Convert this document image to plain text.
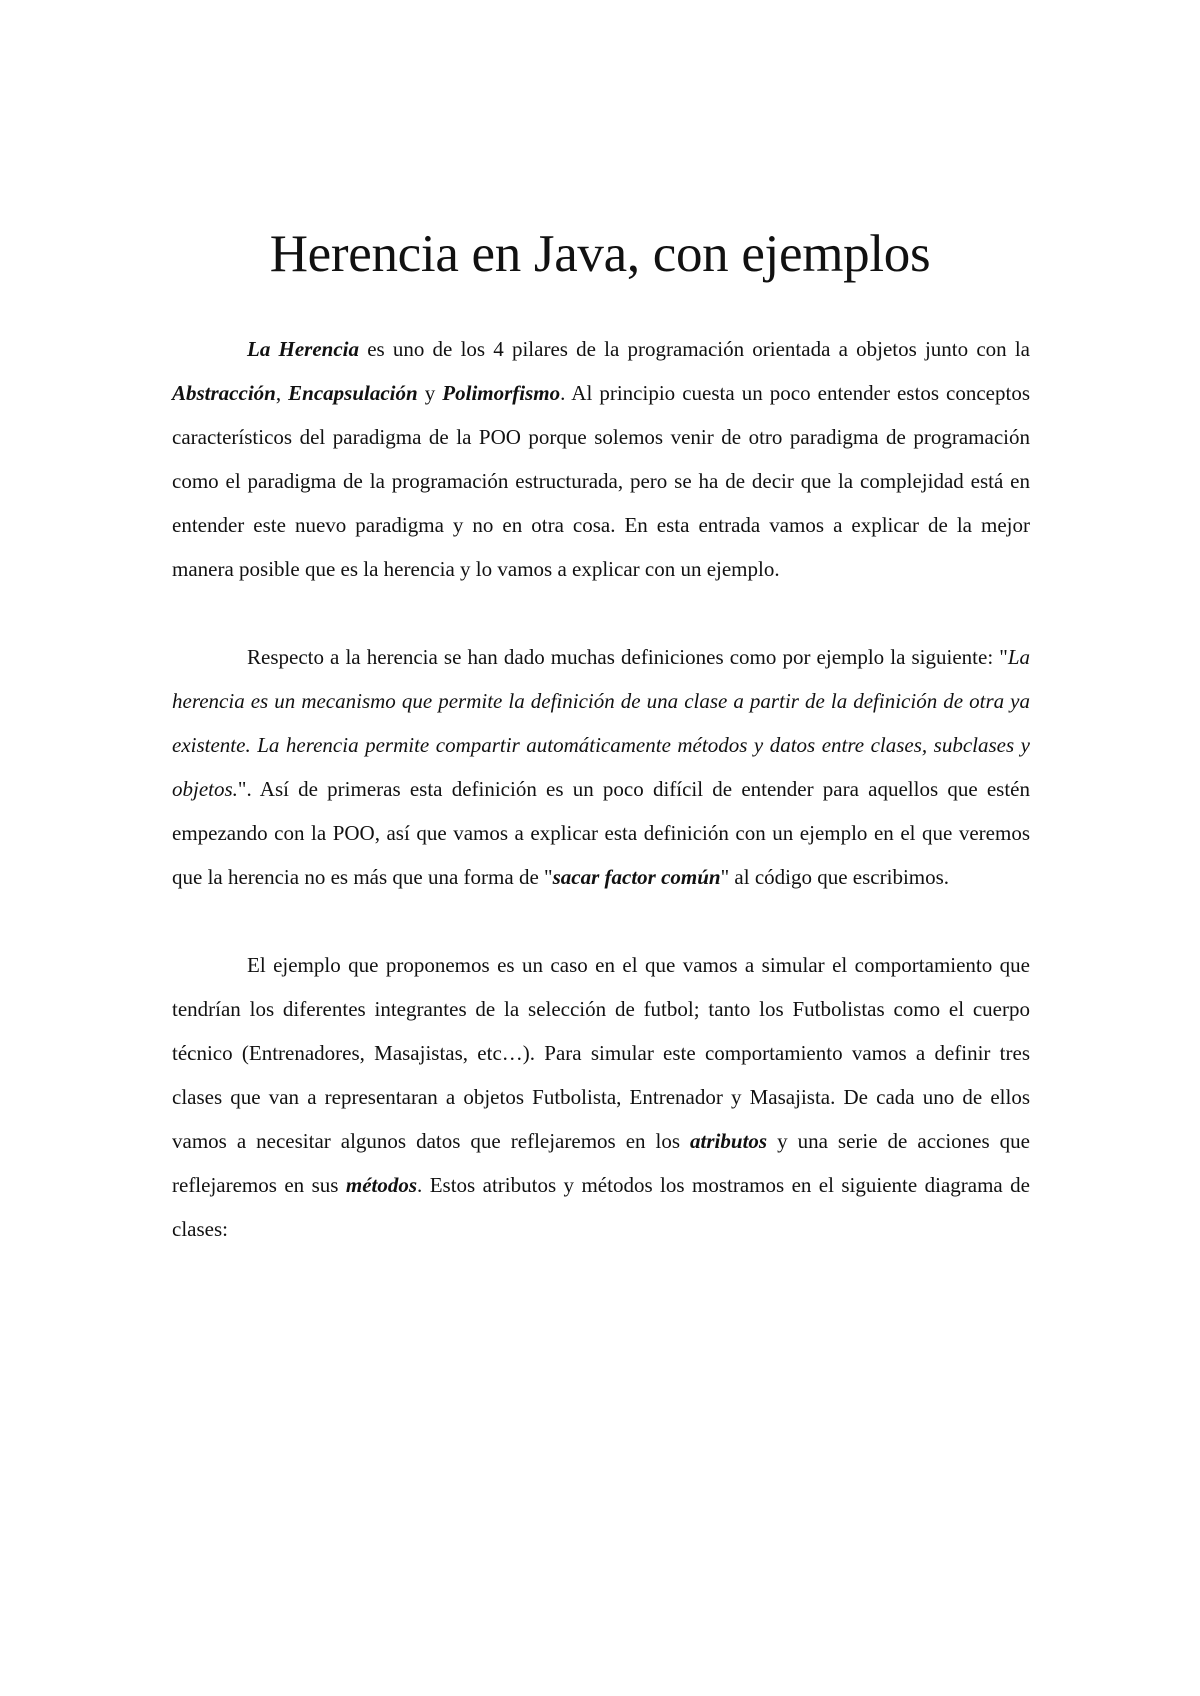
Herencia en Java, con ejemplos

La Herencia es uno de los 4 pilares de la programación orientada a objetos junto con la Abstracción, Encapsulación y Polimorfismo. Al principio cuesta un poco entender estos conceptos característicos del paradigma de la POO porque solemos venir de otro paradigma de programación como el paradigma de la programación estructurada, pero se ha de decir que la complejidad está en entender este nuevo paradigma y no en otra cosa. En esta entrada vamos a explicar de la mejor manera posible que es la herencia y lo vamos a explicar con un ejemplo.

Respecto a la herencia se han dado muchas definiciones como por ejemplo la siguiente: "La herencia es un mecanismo que permite la definición de una clase a partir de la definición de otra ya existente. La herencia permite compartir automáticamente métodos y datos entre clases, subclases y objetos.". Así de primeras esta definición es un poco difícil de entender para aquellos que estén empezando con la POO, así que vamos a explicar esta definición con un ejemplo en el que veremos que la herencia no es más que una forma de "sacar factor común" al código que escribimos.

El ejemplo que proponemos es un caso en el que vamos a simular el comportamiento que tendrían los diferentes integrantes de la selección de futbol; tanto los Futbolistas como el cuerpo técnico (Entrenadores, Masajistas, etc…). Para simular este comportamiento vamos a definir tres clases que van a representaran a objetos Futbolista, Entrenador y Masajista. De cada uno de ellos vamos a necesitar algunos datos que reflejaremos en los atributos y una serie de acciones que reflejaremos en sus métodos. Estos atributos y métodos los mostramos en el siguiente diagrama de clases:
